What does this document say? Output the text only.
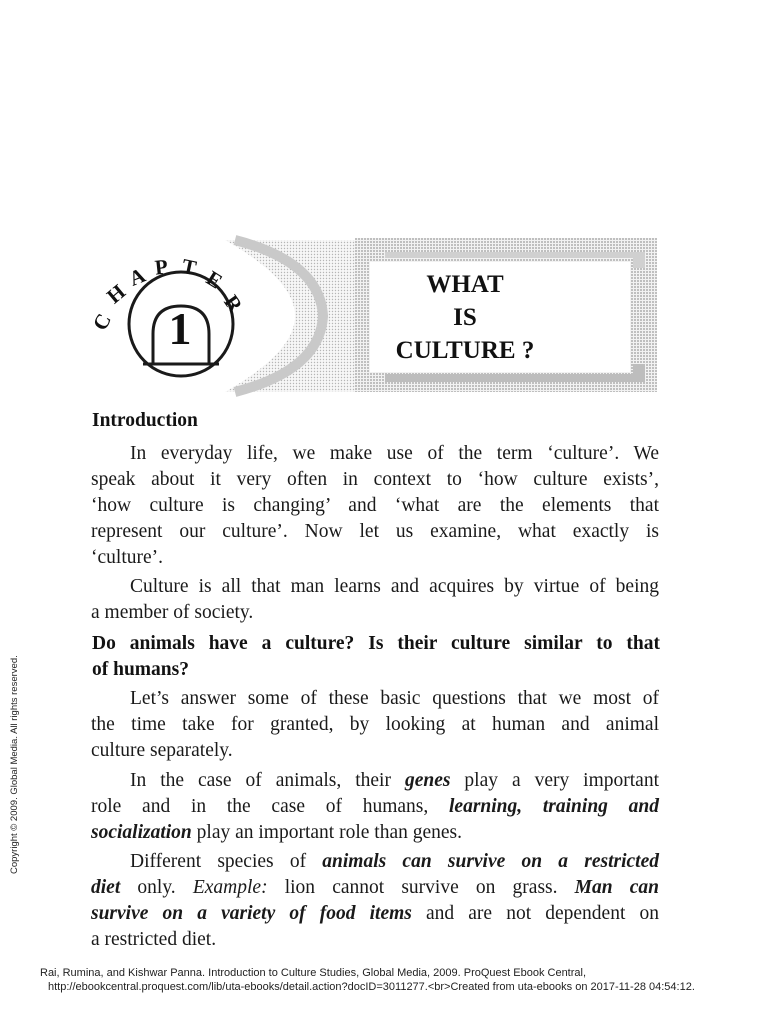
C
H
A P T E
R
1
WHAT
IS
CULTURE ?
Introduction
In everyday life, we make use of the term ‘culture’. We
speak about it very often in context to ‘how culture exists’,
‘how culture is changing’ and ‘what are the elements that
represent our culture’. Now let us examine, what exactly is
‘culture’.
Culture is all that man learns and acquires by virtue of being
a member of society.
Do animals have a culture? Is their culture similar to that
of humans?
Let’s answer some of these basic questions that we most of
the time take for granted, by looking at human and animal
culture separately.
In the case of animals, their genes play a very important
role and in the case of humans, learning, training and
socialization play an important role than genes.
Different species of animals can survive on a restricted
diet only. Example: lion cannot survive on grass. Man can
survive on a variety of food items and are not dependent on
a restricted diet.
Copyright © 2009. Global Media. All rights reserved.
Rai, Rumina, and Kishwar Panna. Introduction to Culture Studies, Global Media, 2009. ProQuest Ebook Central,
http://ebookcentral.proquest.com/lib/uta-ebooks/detail.action?docID=3011277.<br>Created from uta-ebooks on 2017-11-28 04:54:12.
